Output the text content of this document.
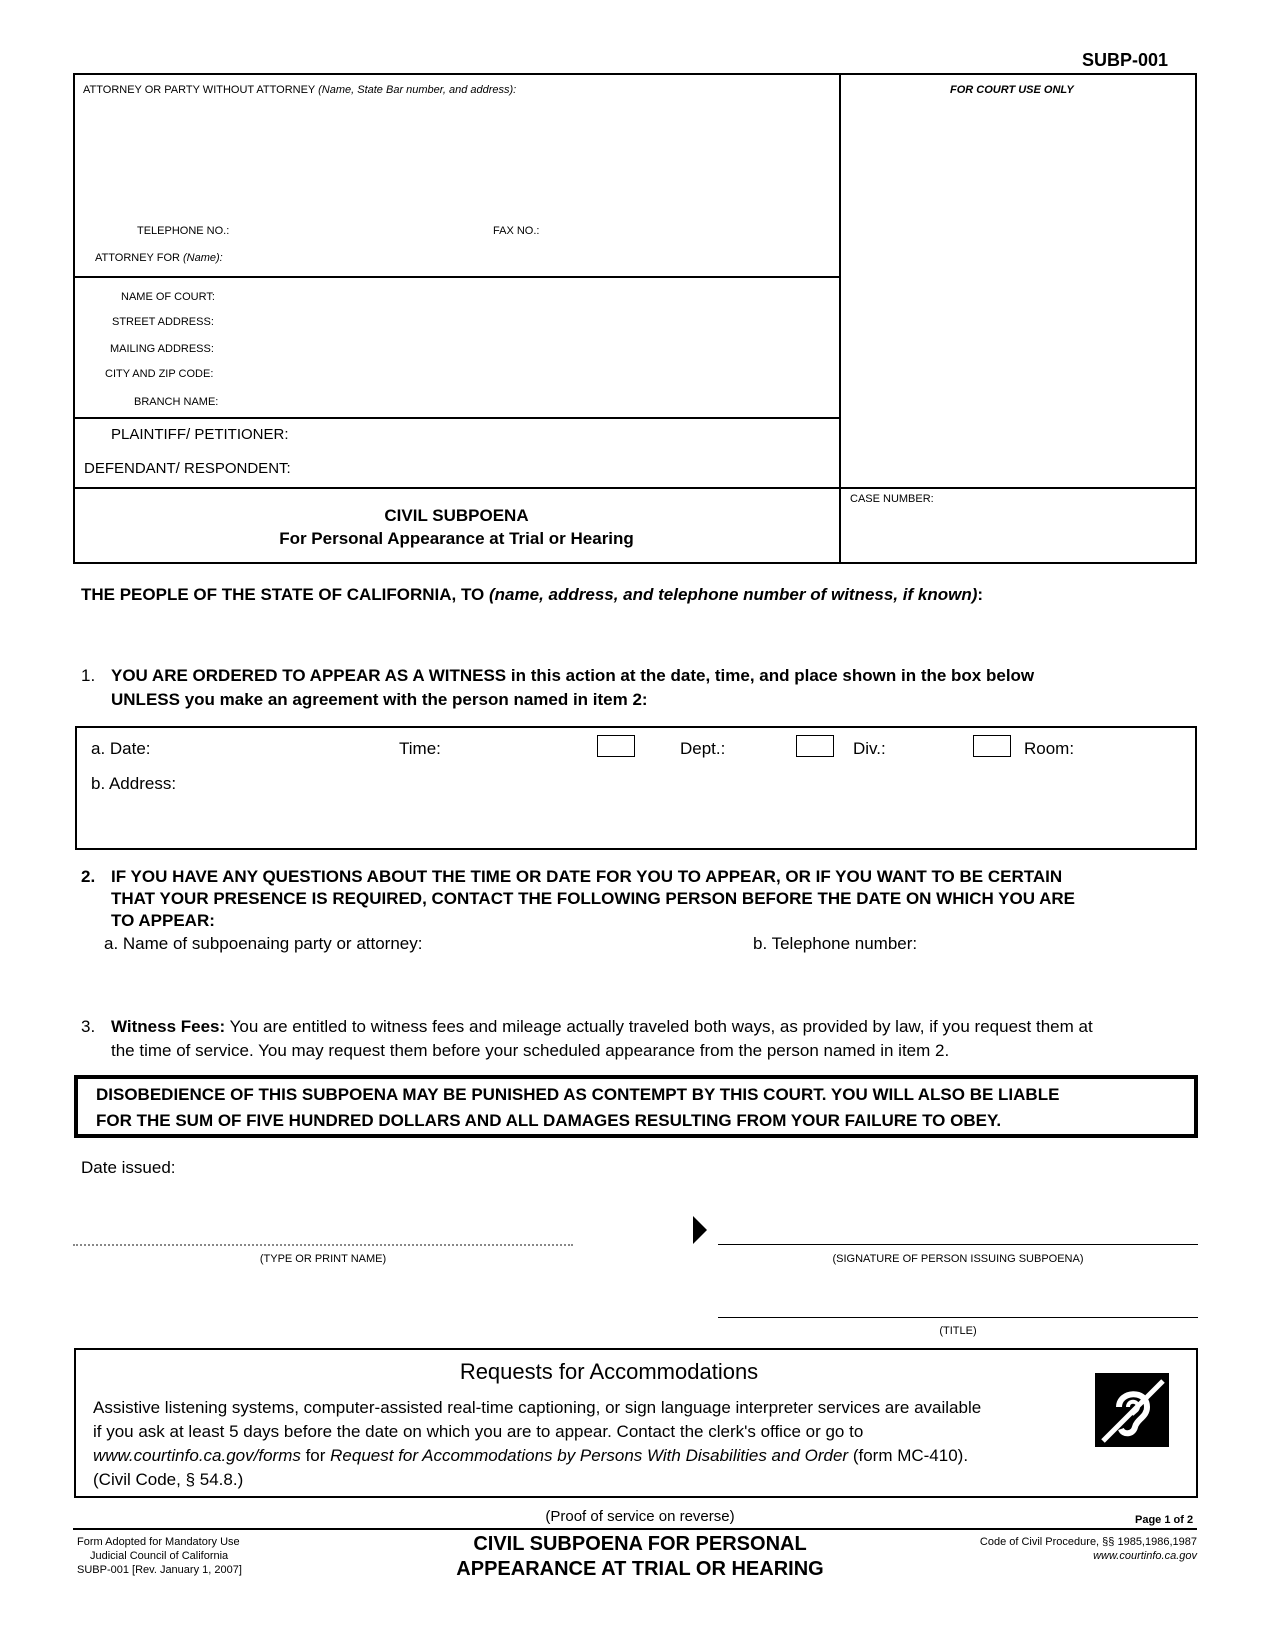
SUBP-001
ATTORNEY OR PARTY WITHOUT ATTORNEY (Name, State Bar number, and address):	FOR COURT USE ONLY
TELEPHONE NO.:	FAX NO.:
ATTORNEY FOR (Name):
NAME OF COURT:
STREET ADDRESS:
MAILING ADDRESS:
CITY AND ZIP CODE:
BRANCH NAME:
PLAINTIFF/ PETITIONER:
DEFENDANT/ RESPONDENT:
CIVIL SUBPOENA
For Personal Appearance at Trial or Hearing
CASE NUMBER:
THE PEOPLE OF THE STATE OF CALIFORNIA, TO (name, address, and telephone number of witness, if known):
1. YOU ARE ORDERED TO APPEAR AS A WITNESS in this action at the date, time, and place shown in the box below
UNLESS you make an agreement with the person named in item 2:
a. Date:	Time:	Dept.:	Div.:	Room:
b. Address:
2. IF YOU HAVE ANY QUESTIONS ABOUT THE TIME OR DATE FOR YOU TO APPEAR, OR IF YOU WANT TO BE CERTAIN
THAT YOUR PRESENCE IS REQUIRED, CONTACT THE FOLLOWING PERSON BEFORE THE DATE ON WHICH YOU ARE
TO APPEAR:
a. Name of subpoenaing party or attorney:	b. Telephone number:
3. Witness Fees: You are entitled to witness fees and mileage actually traveled both ways, as provided by law, if you request them at
the time of service. You may request them before your scheduled appearance from the person named in item 2.
DISOBEDIENCE OF THIS SUBPOENA MAY BE PUNISHED AS CONTEMPT BY THIS COURT. YOU WILL ALSO BE LIABLE
FOR THE SUM OF FIVE HUNDRED DOLLARS AND ALL DAMAGES RESULTING FROM YOUR FAILURE TO OBEY.
Date issued:
(TYPE OR PRINT NAME)	(SIGNATURE OF PERSON ISSUING SUBPOENA)
(TITLE)
Requests for Accommodations
Assistive listening systems, computer-assisted real-time captioning, or sign language interpreter services are available
if you ask at least 5 days before the date on which you are to appear. Contact the clerk's office or go to
www.courtinfo.ca.gov/forms for Request for Accommodations by Persons With Disabilities and Order (form MC-410).
(Civil Code, § 54.8.)
(Proof of service on reverse)	Page 1 of 2
Form Adopted for Mandatory Use
Judicial Council of California
SUBP-001 [Rev. January 1, 2007]
CIVIL SUBPOENA FOR PERSONAL
APPEARANCE AT TRIAL OR HEARING
Code of Civil Procedure, §§ 1985,1986,1987
www.courtinfo.ca.gov
